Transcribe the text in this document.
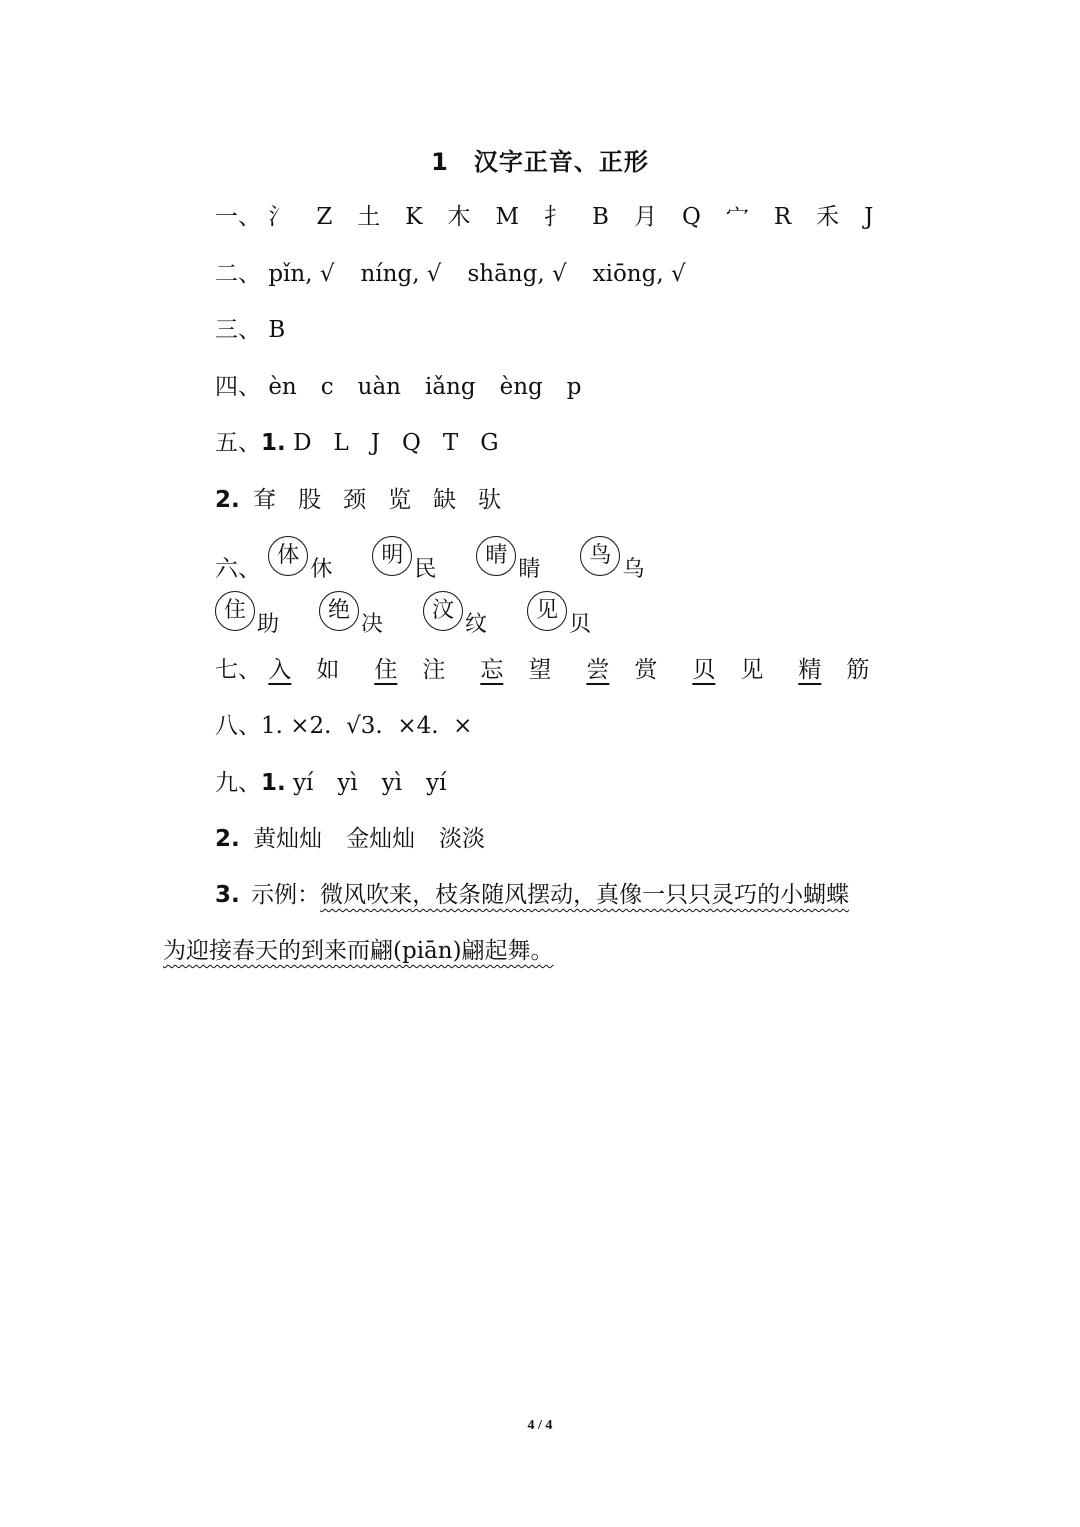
1　汉字正音、正形
一、 氵 Z 土 K 木 M 扌 B 月 Q 宀 R 禾 J
二、 pǐn, √ níng, √ shāng, √ xiōng, √
三、 B
四、 èn c uàn iǎng èng p
五、1. D L J Q T G
2. 耷 股 颈 览 缺 驮
六、 体休明民晴睛鸟乌
住助绝决汶纹见贝
七、 入 如 住 注 忘 望 尝 赏 贝 见 精 筋
八、1. ×2.  √3.  ×4.  ×
九、1. yí yì yì yí
2. 黄灿灿 金灿灿 淡淡
3. 示例：微风吹来，枝条随风摆动，真像一只只灵巧的小蝴蝶
为迎接春天的到来而翩(piān)翩起舞。
4 / 4
